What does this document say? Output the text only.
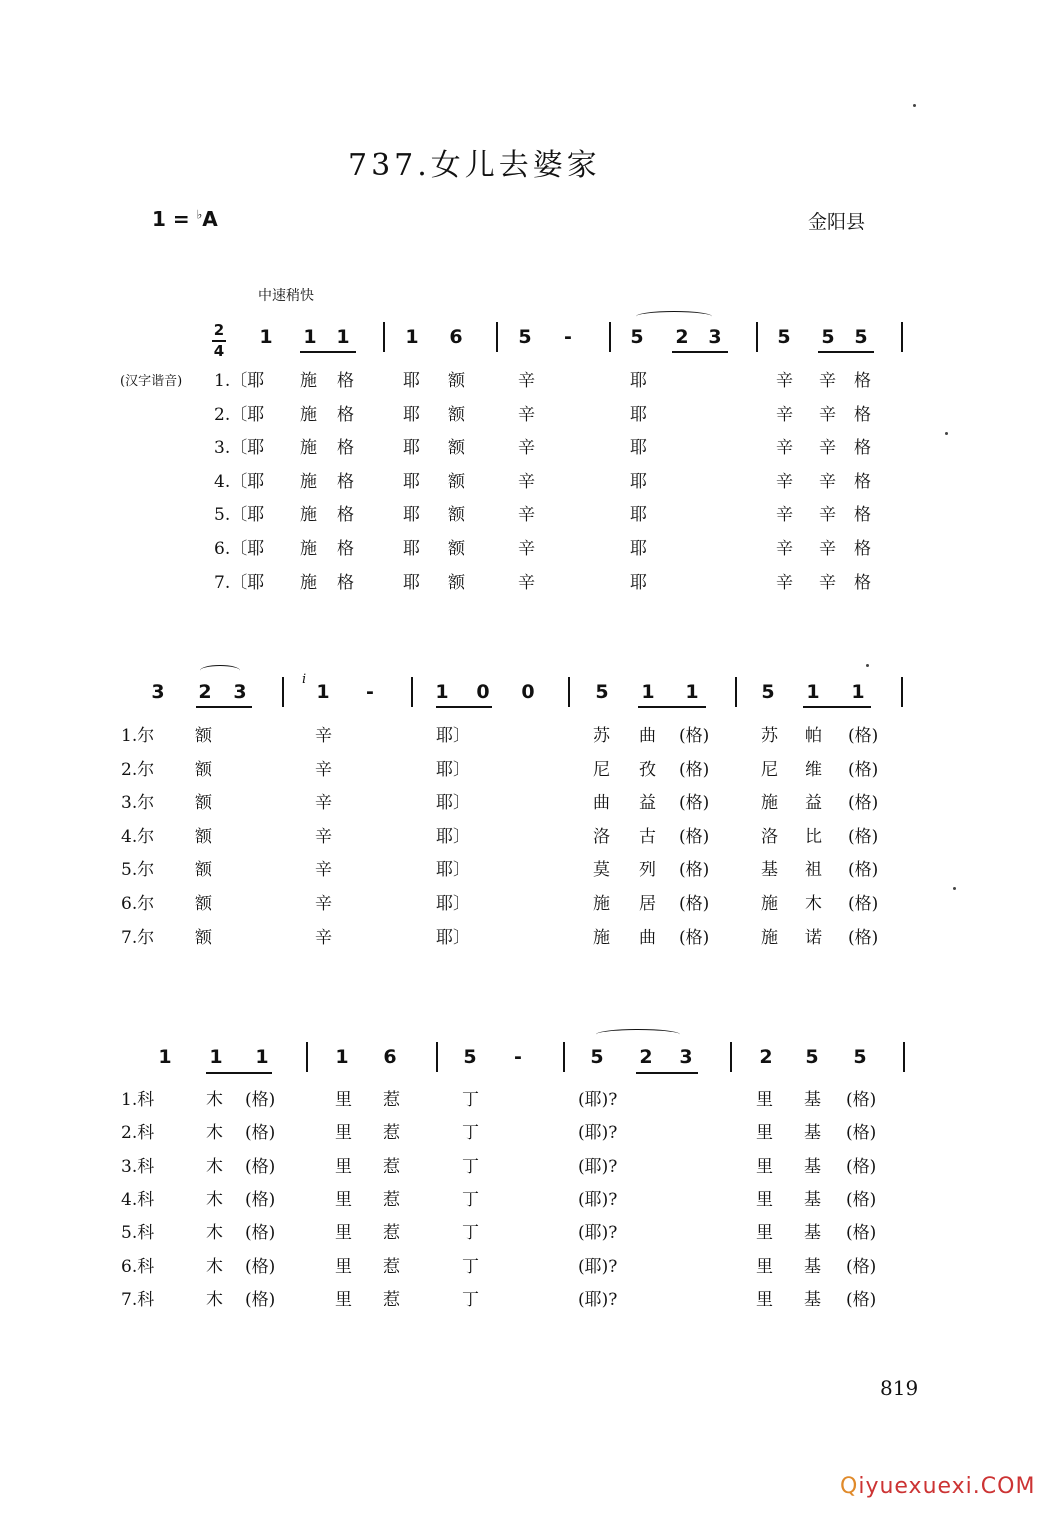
737.女儿去婆家
1 = ♭A	金阳县
中速稍快
2
4
(汉字谐音)
i
1 1 1	1 6	5	-	5 2 3	5 5 5
1.〔耶 施 格	耶 额	辛	耶	辛 辛 格
2.〔耶 施 格	耶 额	辛	耶	辛 辛 格
3.〔耶 施 格	耶 额	辛	耶	辛 辛 格
4.〔耶 施 格	耶 额	辛	耶	辛 辛 格
5.〔耶 施 格	耶 额	辛	耶	辛 辛 格
6.〔耶 施 格	耶 额	辛	耶	辛 辛 格
7.〔耶 施 格	耶 额	辛	耶	辛 辛 格
3 2 3	1	-	1 0 0	5 1 1	5 1 1
1.尔 额	辛	耶〕	苏 曲 (格)	苏 帕 (格)
2.尔 额	辛	耶〕	尼 孜 (格)	尼 维 (格)
3.尔 额	辛	耶〕	曲 益 (格)	施 益 (格)
4.尔 额	辛	耶〕	洛 古 (格)	洛 比 (格)
5.尔 额	辛	耶〕	莫 列 (格)	基 祖 (格)
6.尔 额	辛	耶〕	施 居 (格)	施 木 (格)
7.尔 额	辛	耶〕	施 曲 (格)	施 诺 (格)
1 1 1	1 6	5	-	5 2 3	2 5 5
1.科	木 (格)	里 惹	丁	(耶)?	里 基 (格)
2.科	木 (格)	里 惹	丁	(耶)?	里 基 (格)
3.科	木 (格)	里 惹	丁	(耶)?	里 基 (格)
4.科	木 (格)	里 惹	丁	(耶)?	里 基 (格)
5.科	木 (格)	里 惹	丁	(耶)?	里 基 (格)
6.科	木 (格)	里 惹	丁	(耶)?	里 基 (格)
7.科	木 (格)	里 惹	丁	(耶)?	里 基 (格)
819
Qiyuexuexi.COM
